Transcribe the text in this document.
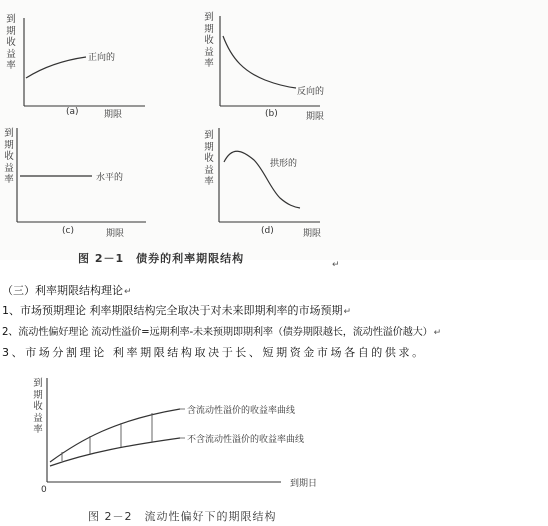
到期收益率
正向的
(a)	期限
到期收益率
反向的
(b)	期限
到期收益率	水平的
(c)	期限
到期收益率
拱形的
(d)	期限
图 2－1　债券的利率期限结构	↵
（三）利率期限结构理论↵
1、市场预期理论 利率期限结构完全取决于对未来即期利率的市场预期↵
2、流动性偏好理论 流动性溢价=远期利率-未来预期即期利率（债券期限越长，流动性溢价越大）↵
3、市场分割理论 利率期限结构取决于长、短期资金市场各自的供求。
到期收益率
0
到期日
含流动性溢价的收益率曲线
不含流动性溢价的收益率曲线
图 2－2　流动性偏好下的期限结构
